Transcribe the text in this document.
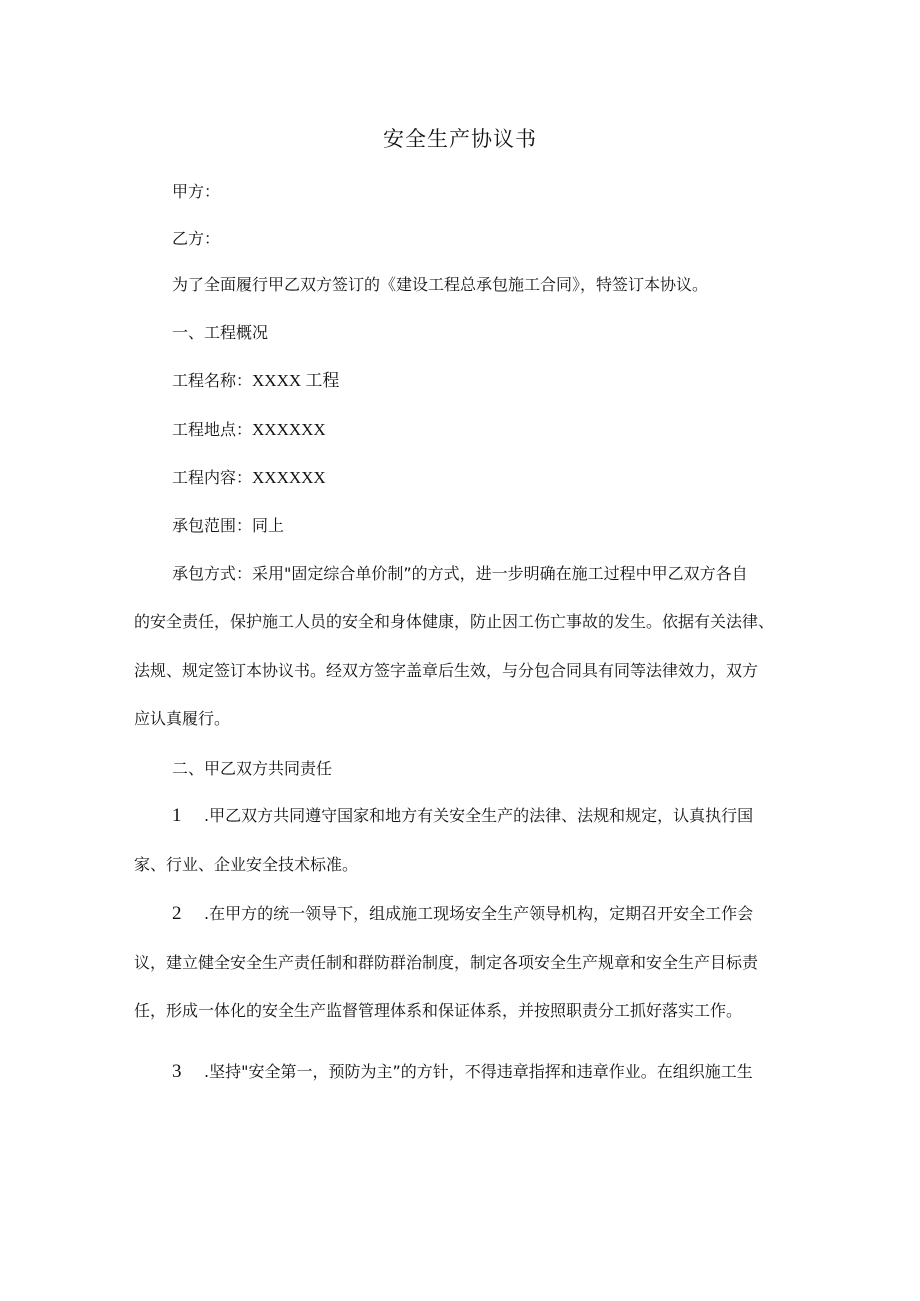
安全生产协议书
甲方：
乙方：
为了全面履行甲乙双方签订的《建设工程总承包施工合同》，特签订本协议。
一、工程概况
工程名称：XXXX 工程
工程地点：XXXXXX
工程内容：XXXXXX
承包范围：同上
承包方式：采用"固定综合单价制”的方式，进一步明确在施工过程中甲乙双方各自
的安全责任，保护施工人员的安全和身体健康，防止因工伤亡事故的发生。依据有关法律、
法规、规定签订本协议书。经双方签字盖章后生效，与分包合同具有同等法律效力，双方
应认真履行。
二、甲乙双方共同责任
1 .甲乙双方共同遵守国家和地方有关安全生产的法律、法规和规定，认真执行国
家、行业、企业安全技术标准。
2 .在甲方的统一领导下，组成施工现场安全生产领导机构，定期召开安全工作会
议，建立健全安全生产责任制和群防群治制度，制定各项安全生产规章和安全生产目标责
任，形成一体化的安全生产监督管理体系和保证体系，并按照职责分工抓好落实工作。
3 .坚持"安全第一，预防为主”的方针，不得违章指挥和违章作业。在组织施工生
